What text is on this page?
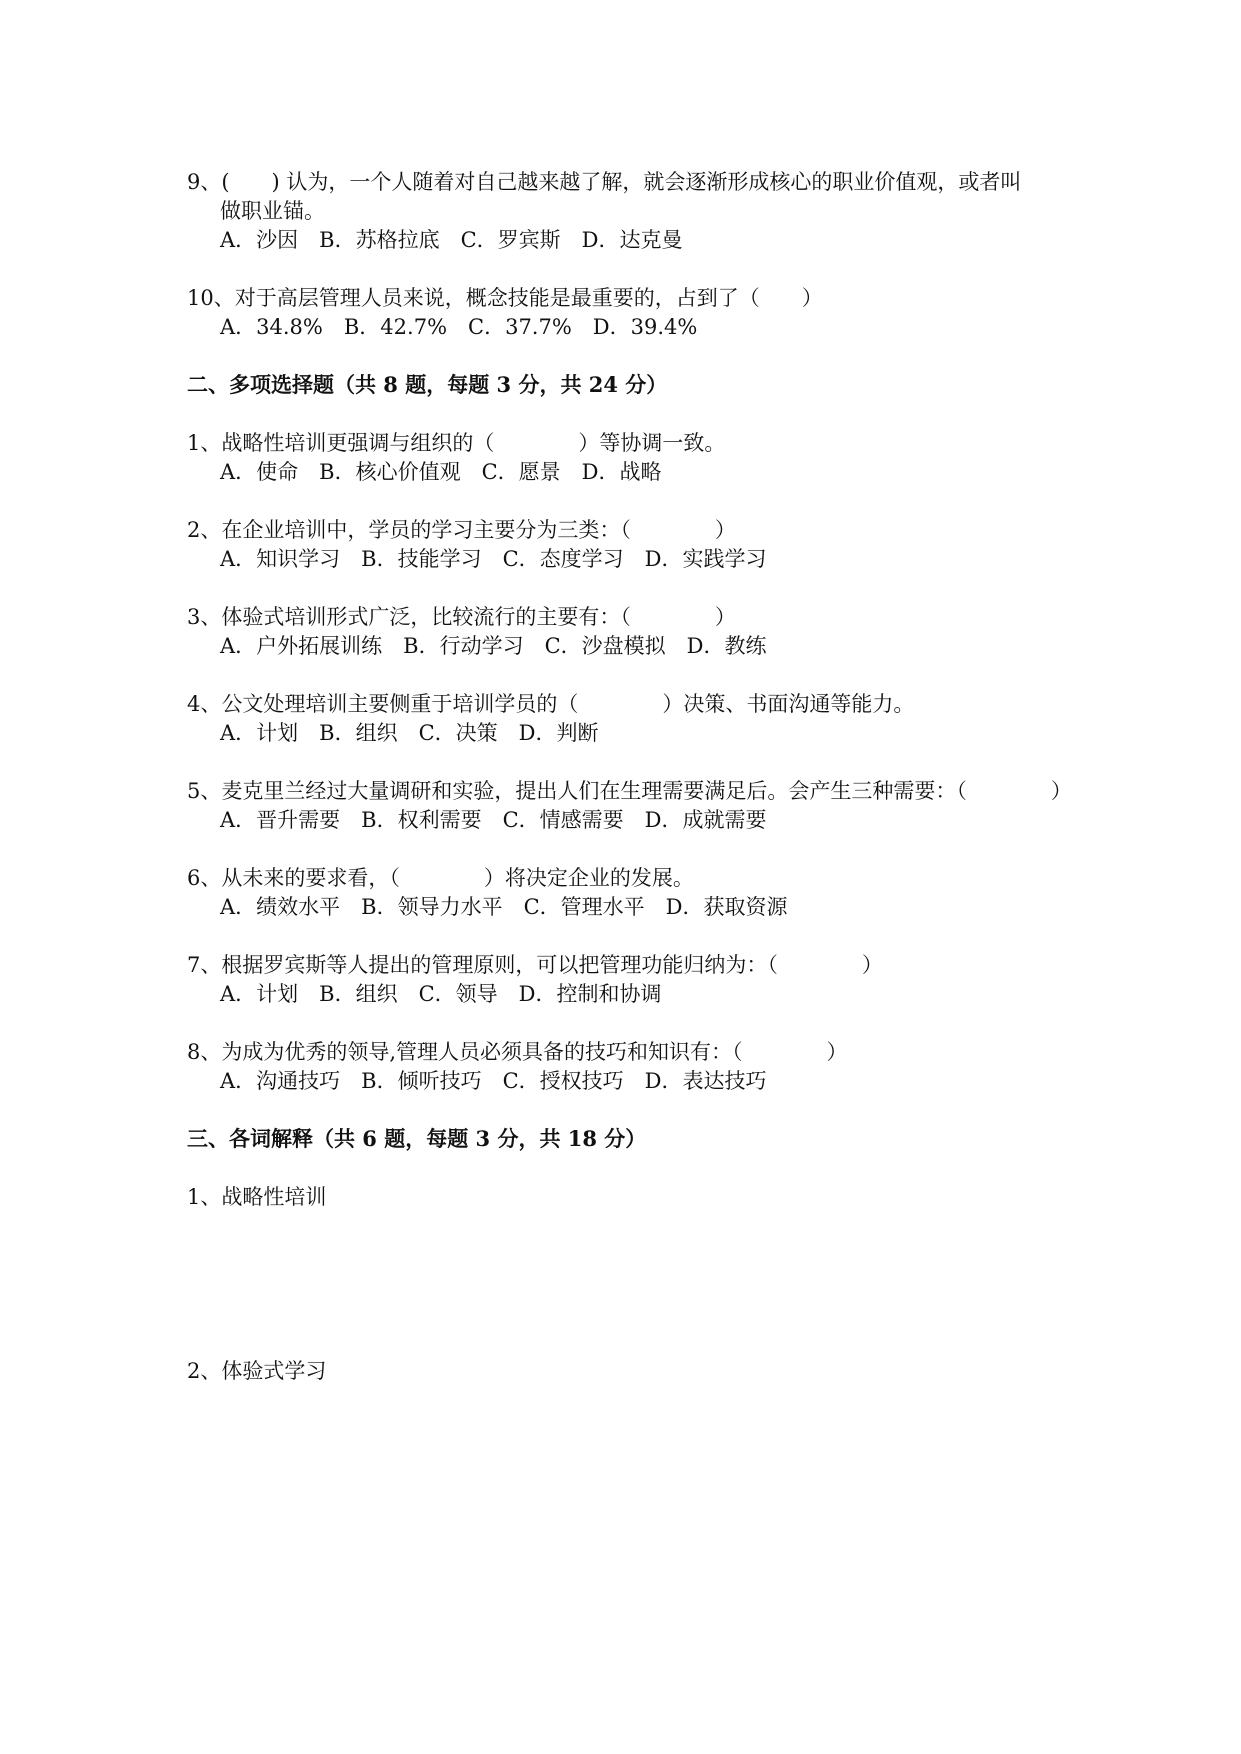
9、(　　) 认为，一个人随着对自己越来越了解，就会逐渐形成核心的职业价值观，或者叫
做职业锚。
A．沙因　B．苏格拉底　C．罗宾斯　D．达克曼
10、对于高层管理人员来说，概念技能是最重要的，占到了（　　）
A．34.8%　B．42.7%　C．37.7%　D．39.4%
二、多项选择题（共 8 题，每题 3 分，共 24 分）
1、战略性培训更强调与组织的（　　　　）等协调一致。
A．使命　B．核心价值观　C．愿景　D．战略
2、在企业培训中，学员的学习主要分为三类：（　　　　）
A．知识学习　B．技能学习　C．态度学习　D．实践学习
3、体验式培训形式广泛，比较流行的主要有：（　　　　）
A．户外拓展训练　B．行动学习　C．沙盘模拟　D．教练
4、公文处理培训主要侧重于培训学员的（　　　　）决策、书面沟通等能力。
A．计划　B．组织　C．决策　D．判断
5、麦克里兰经过大量调研和实验，提出人们在生理需要满足后。会产生三种需要：（　　　　）
A．晋升需要　B．权利需要　C．情感需要　D．成就需要
6、从未来的要求看，（　　　　）将决定企业的发展。
A．绩效水平　B．领导力水平　C．管理水平　D．获取资源
7、根据罗宾斯等人提出的管理原则，可以把管理功能归纳为：（　　　　）
A．计划　B．组织　C．领导　D．控制和协调
8、为成为优秀的领导,管理人员必须具备的技巧和知识有：（　　　　）
A．沟通技巧　B．倾听技巧　C．授权技巧　D．表达技巧
三、各词解释（共 6 题，每题 3 分，共 18 分）
1、战略性培训
2、体验式学习
